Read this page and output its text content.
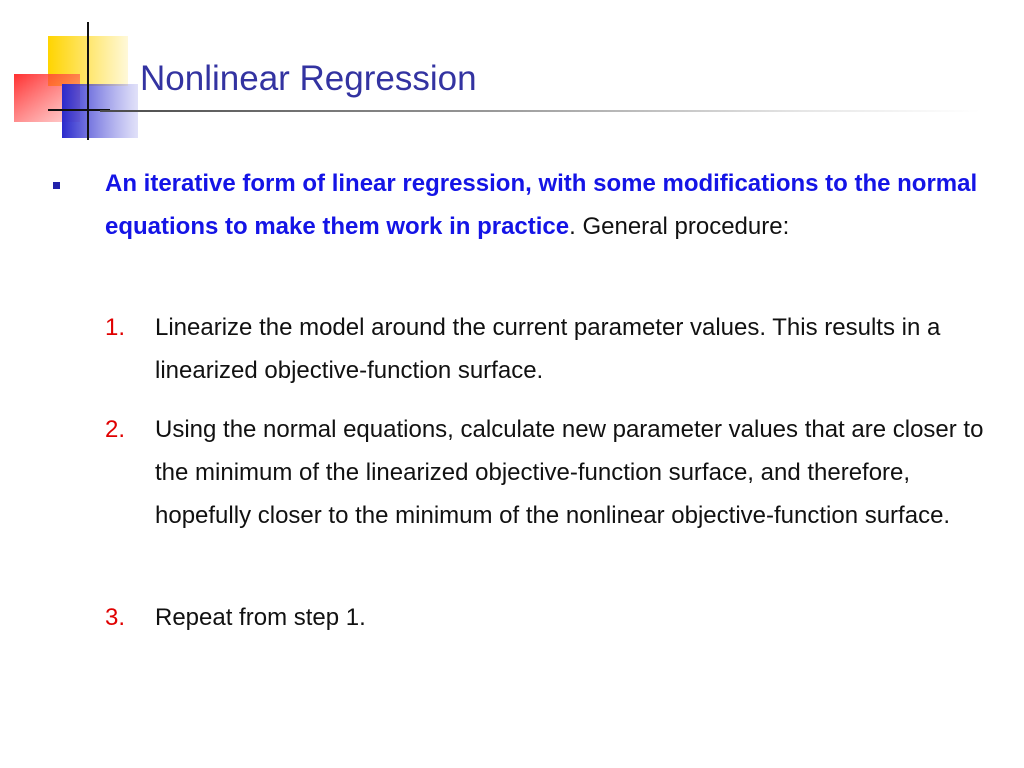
Nonlinear Regression
An iterative form of linear regression, with some modifications to the normal equations to make them work in practice. General procedure:
1.	Linearize the model around the current parameter values. This results in a linearized objective-function surface.
2.	Using the normal equations, calculate new parameter values that are closer to the minimum of the linearized objective-function surface, and therefore, hopefully closer to the minimum of the nonlinear objective-function surface.
3.	Repeat from step 1.
